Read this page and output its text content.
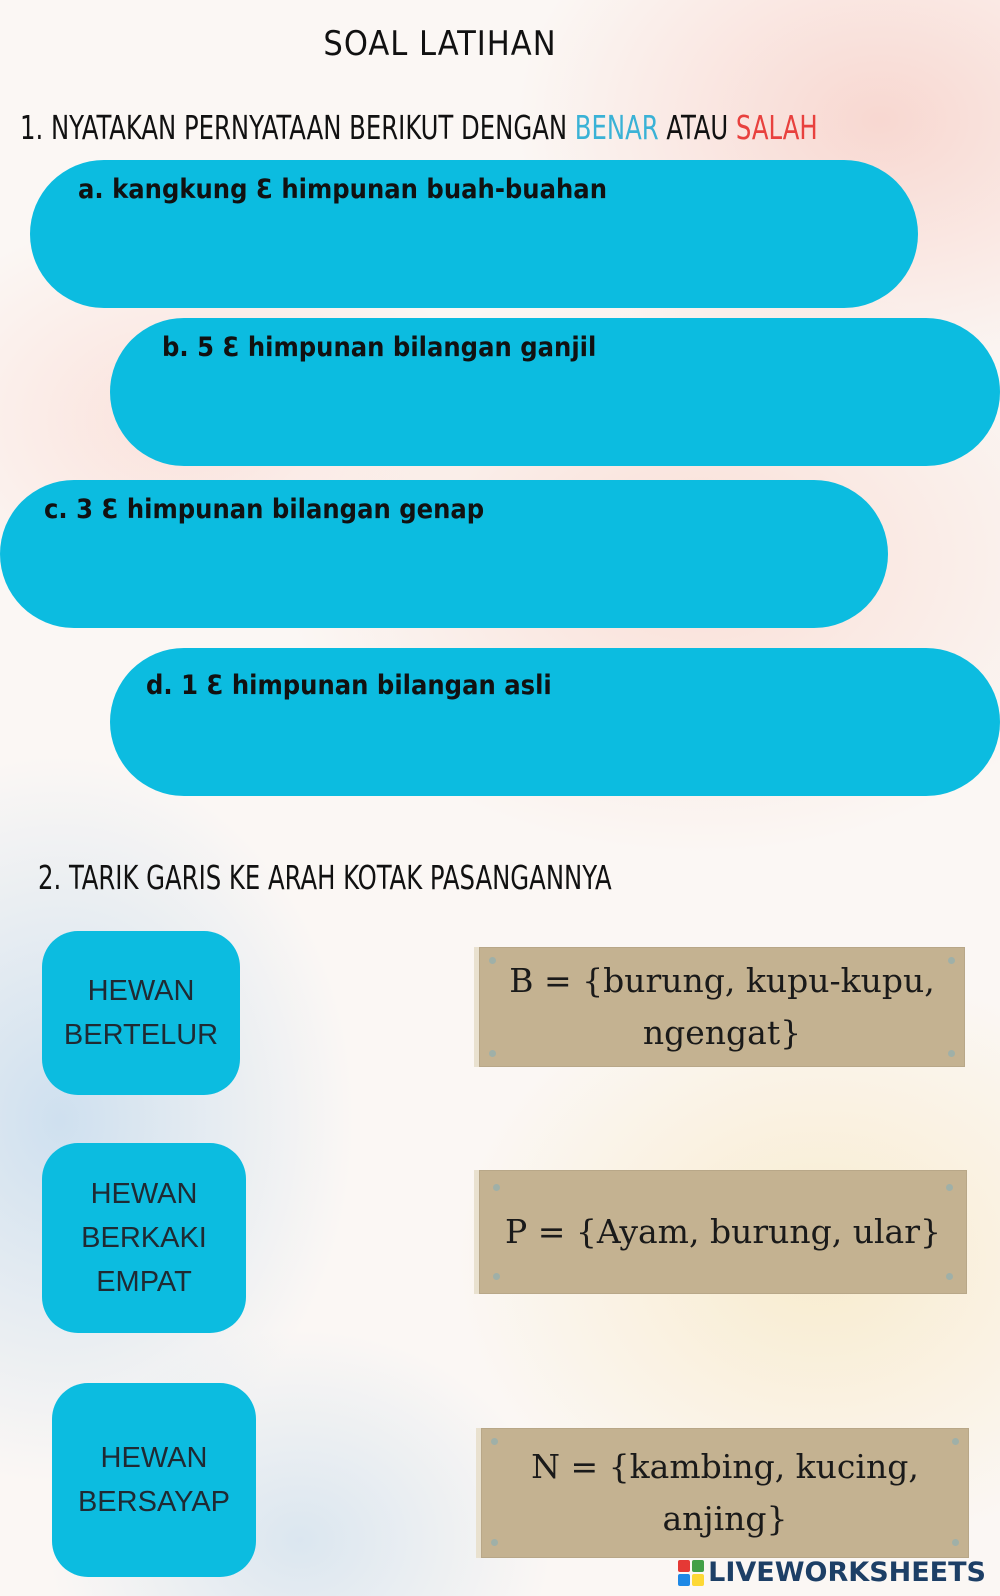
SOAL LATIHAN
1. NYATAKAN PERNYATAAN BERIKUT DENGAN BENAR ATAU SALAH
a. kangkung Ɛ himpunan buah-buahan
b. 5 Ɛ himpunan bilangan ganjil
c. 3 Ɛ himpunan bilangan genap
d. 1 Ɛ himpunan bilangan asli
2. TARIK GARIS KE ARAH KOTAK PASANGANNYA
HEWAN
BERTELUR
HEWAN
BERKAKI
EMPAT
HEWAN
BERSAYAP
B = {burung, kupu-kupu,
ngengat}
P = {Ayam, burung, ular}
N = {kambing, kucing,
anjing}
LIVEWORKSHEETS
